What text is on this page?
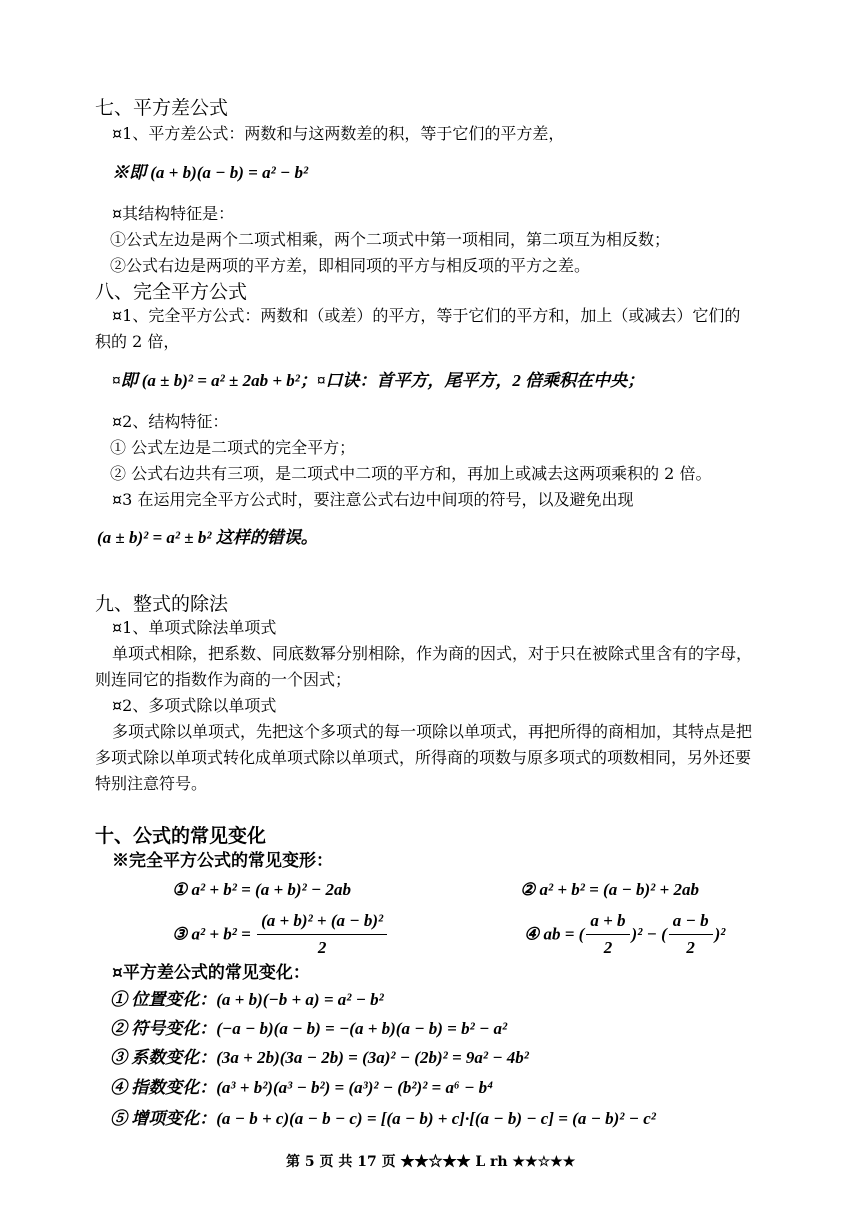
七、平方差公式
¤1、平方差公式：两数和与这两数差的积，等于它们的平方差，
※即 (a + b)(a − b) = a² − b²
¤其结构特征是：
①公式左边是两个二项式相乘，两个二项式中第一项相同，第二项互为相反数；
②公式右边是两项的平方差，即相同项的平方与相反项的平方之差。
八、完全平方公式
¤1、完全平方公式：两数和（或差）的平方，等于它们的平方和，加上（或减去）它们的
积的 2 倍，
¤即 (a ± b)² = a² ± 2ab + b²；¤口诀：首平方，尾平方，2 倍乘积在中央；
¤2、结构特征：
① 公式左边是二项式的完全平方；
② 公式右边共有三项，是二项式中二项的平方和，再加上或减去这两项乘积的 2 倍。
¤3 在运用完全平方公式时，要注意公式右边中间项的符号，以及避免出现
(a ± b)² = a² ± b² 这样的错误。
九、整式的除法
¤1、单项式除法单项式
单项式相除，把系数、同底数幂分别相除，作为商的因式，对于只在被除式里含有的字母，
则连同它的指数作为商的一个因式；
¤2、多项式除以单项式
多项式除以单项式，先把这个多项式的每一项除以单项式，再把所得的商相加，其特点是把
多项式除以单项式转化成单项式除以单项式，所得商的项数与原多项式的项数相同，另外还要
特别注意符号。
十、公式的常见变化
※完全平方公式的常见变形：
① a² + b² = (a + b)² − 2ab	② a² + b² = (a − b)² + 2ab
③ $a^2 + b^2 = \frac{\text{(a + b)² + (a − b)²}}{2}$	④ ab = ( $\frac{a + b}{2} )^2$ − ( $\frac{a - b}{2} )^2$
¤平方差公式的常见变化：
① 位置变化：(a + b)(−b + a) = a² − b²
② 符号变化：(−a − b)(a − b) = −(a + b)(a − b) = b² − a²
③ 系数变化：(3a + 2b)(3a − 2b) = (3a)² − (2b)² = 9a² − 4b²
④ 指数变化：(a³ + b²)(a³ − b²) = (a³)² − (b²)² = a⁶ − b⁴
⑤ 增项变化：(a − b + c)(a − b − c) = [(a − b) + c]·[(a − b) − c] = (a − b)² − c²
第 5 页 共 17 页 ★★☆★★ L rh ★★☆★★
